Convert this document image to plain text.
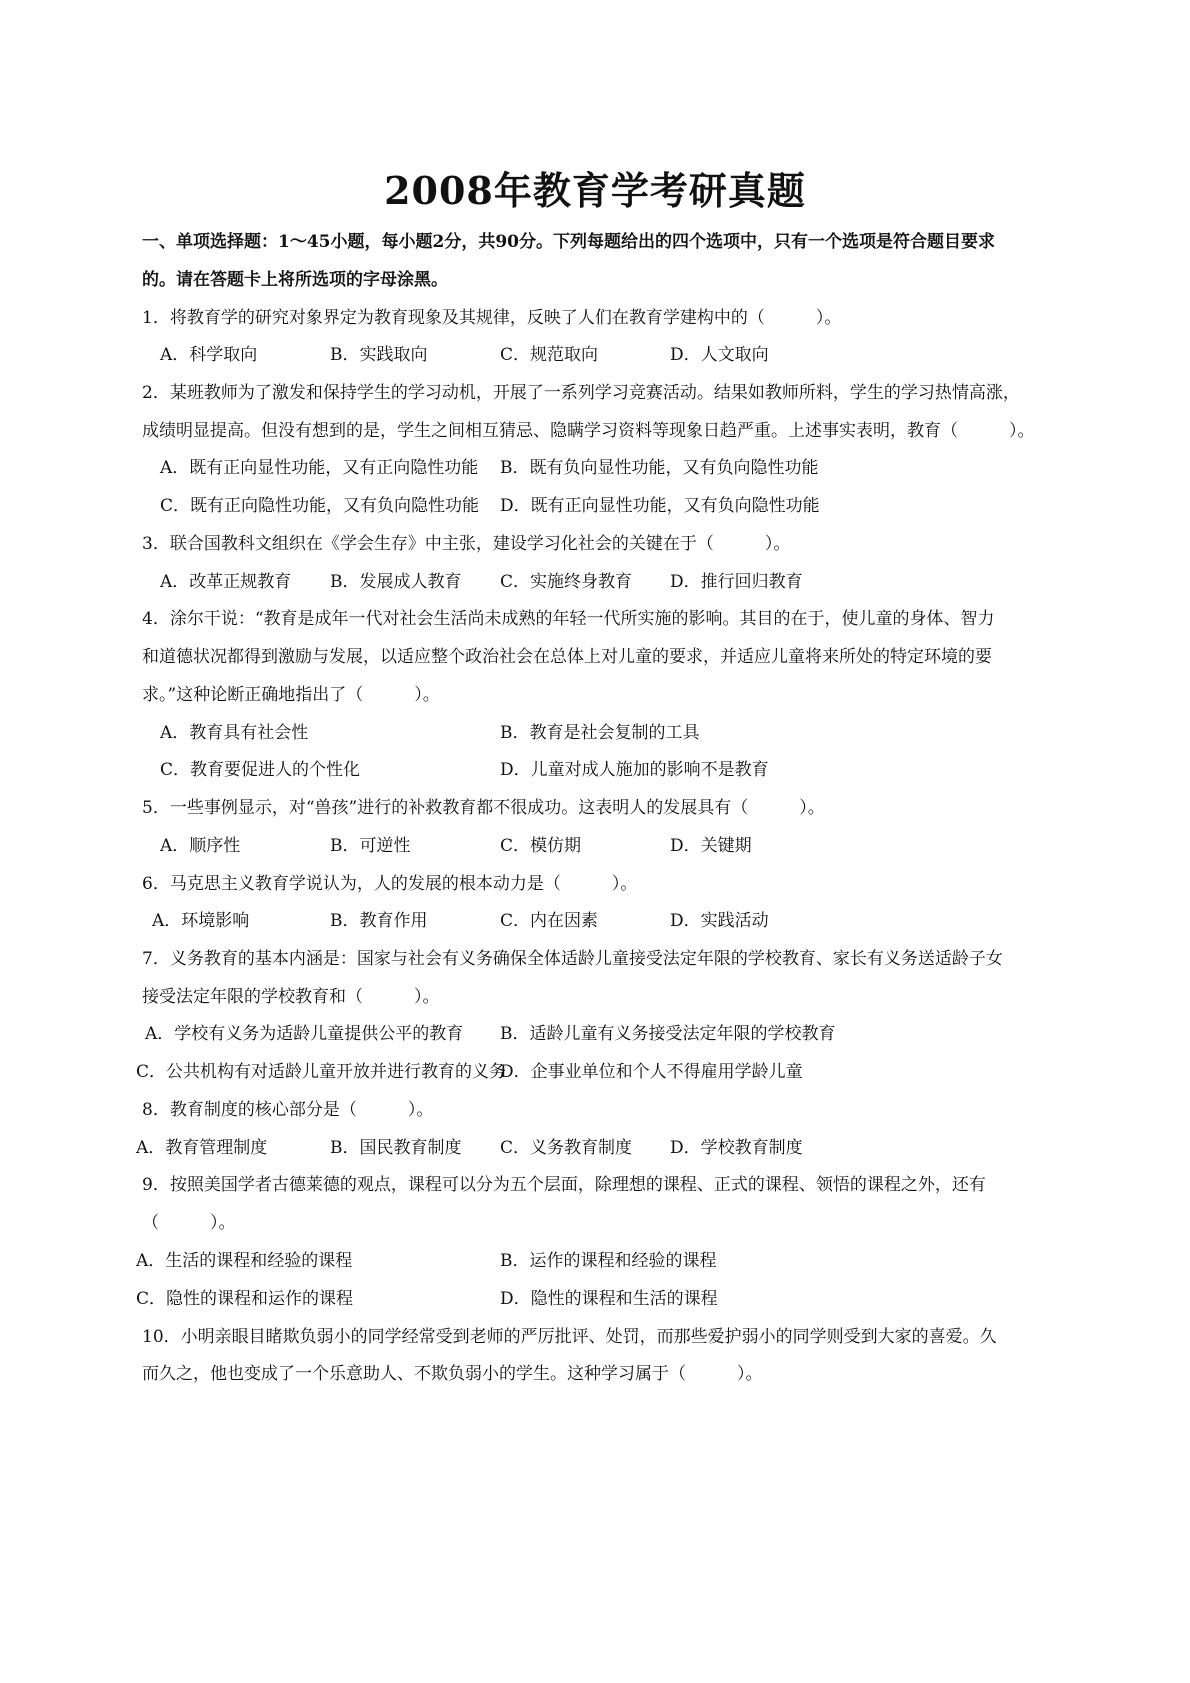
2008年教育学考研真题
一、单项选择题：1～45小题，每小题2分，共90分。下列每题给出的四个选项中，只有一个选项是符合题目要求
的。请在答题卡上将所选项的字母涂黑。
1．将教育学的研究对象界定为教育现象及其规律，反映了人们在教育学建构中的（　　　）。
A．科学取向	B．实践取向	C．规范取向	D．人文取向
2．某班教师为了激发和保持学生的学习动机，开展了一系列学习竞赛活动。结果如教师所料，学生的学习热情高涨，
成绩明显提高。但没有想到的是，学生之间相互猜忌、隐瞒学习资料等现象日趋严重。上述事实表明，教育（　　　）。
A．既有正向显性功能，又有正向隐性功能 B．既有负向显性功能，又有负向隐性功能
C．既有正向隐性功能，又有负向隐性功能 D．既有正向显性功能，又有负向隐性功能
3．联合国教科文组织在《学会生存》中主张，建设学习化社会的关键在于（　　　）。
A．改革正规教育 B．发展成人教育 C．实施终身教育 D．推行回归教育
4．涂尔干说：“教育是成年一代对社会生活尚未成熟的年轻一代所实施的影响。其目的在于，使儿童的身体、智力
和道德状况都得到激励与发展，以适应整个政治社会在总体上对儿童的要求，并适应儿童将来所处的特定环境的要
求。”这种论断正确地指出了（　　　）。
A．教育具有社会性	B．教育是社会复制的工具
C．教育要促进人的个性化	D．儿童对成人施加的影响不是教育
5．一些事例显示，对“兽孩”进行的补救教育都不很成功。这表明人的发展具有（　　　）。
A．顺序性	B．可逆性	C．模仿期	D．关键期
6．马克思主义教育学说认为，人的发展的根本动力是（　　　）。
A．环境影响	B．教育作用	C．内在因素	D．实践活动
7．义务教育的基本内涵是：国家与社会有义务确保全体适龄儿童接受法定年限的学校教育、家长有义务送适龄子女
接受法定年限的学校教育和（　　　）。
A．学校有义务为适龄儿童提供公平的教育 B．适龄儿童有义务接受法定年限的学校教育
C．公共机构有对适龄儿童开放并进行教育的义务
D．企事业单位和个人不得雇用学龄儿童
8．教育制度的核心部分是（　　　）。
A．教育管理制度	B．国民教育制度 C．义务教育制度 D．学校教育制度
9．按照美国学者古德莱德的观点，课程可以分为五个层面，除理想的课程、正式的课程、领悟的课程之外，还有
（　　　）。
A．生活的课程和经验的课程	B．运作的课程和经验的课程
C．隐性的课程和运作的课程	D．隐性的课程和生活的课程
10．小明亲眼目睹欺负弱小的同学经常受到老师的严厉批评、处罚，而那些爱护弱小的同学则受到大家的喜爱。久
而久之，他也变成了一个乐意助人、不欺负弱小的学生。这种学习属于（　　　）。
